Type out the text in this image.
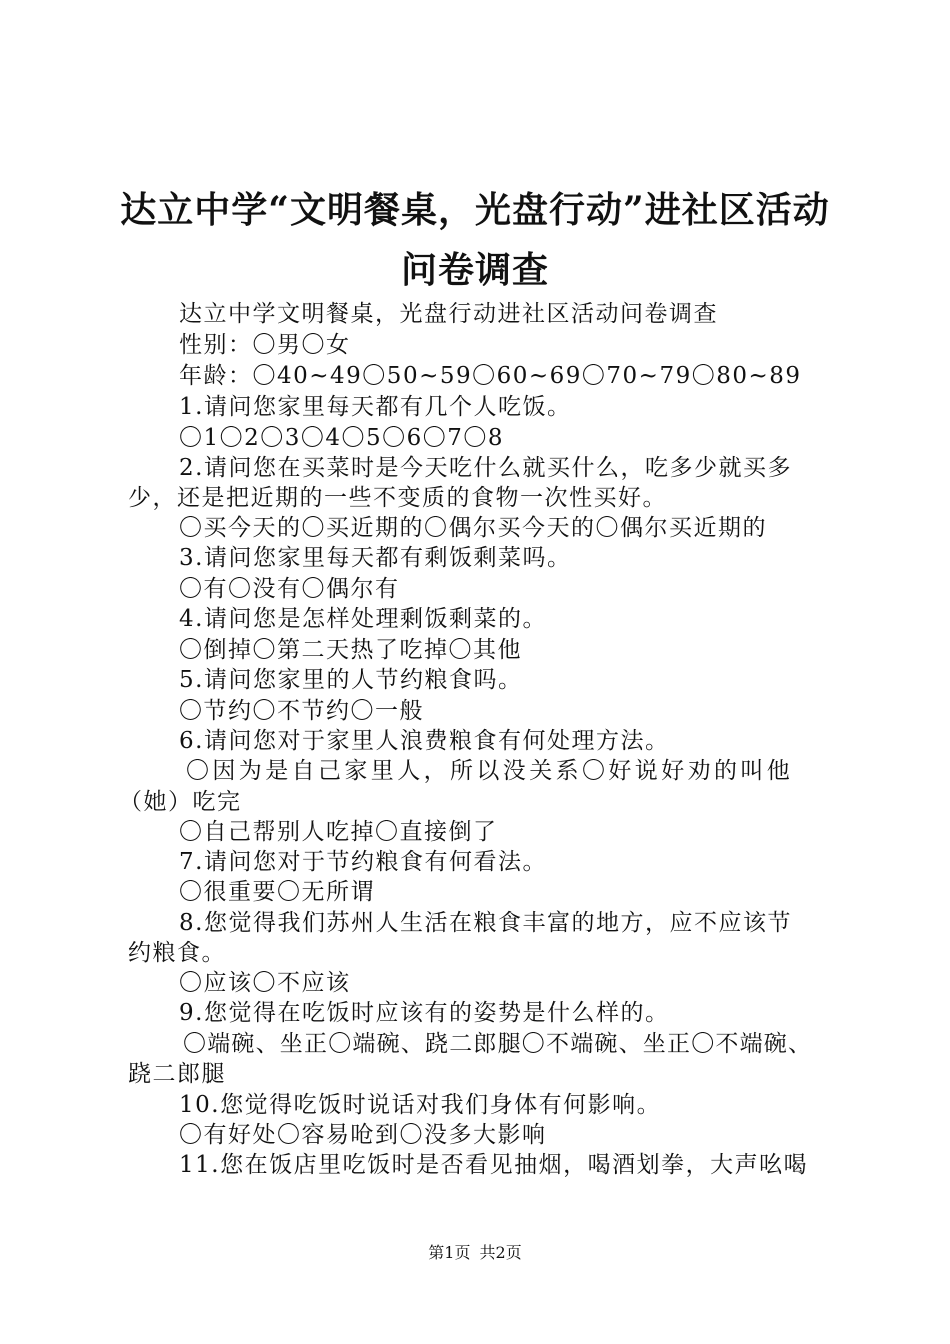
达立中学“文明餐桌，光盘行动”进社区活动
问卷调查
达立中学文明餐桌，光盘行动进社区活动问卷调查
性别：〇男〇女
年龄：〇40~49〇50~59〇60~69〇70~79〇80~89
1.请问您家里每天都有几个人吃饭。
〇1〇2〇3〇4〇5〇6〇7〇8
2.请问您在买菜时是今天吃什么就买什么，吃多少就买多
少，还是把近期的一些不变质的食物一次性买好。
〇买今天的〇买近期的〇偶尔买今天的〇偶尔买近期的
3.请问您家里每天都有剩饭剩菜吗。
〇有〇没有〇偶尔有
4.请问您是怎样处理剩饭剩菜的。
〇倒掉〇第二天热了吃掉〇其他
5.请问您家里的人节约粮食吗。
〇节约〇不节约〇一般
6.请问您对于家里人浪费粮食有何处理方法。
〇因为是自己家里人，所以没关系〇好说好劝的叫他
（她）吃完
〇自己帮别人吃掉〇直接倒了
7.请问您对于节约粮食有何看法。
〇很重要〇无所谓
8.您觉得我们苏州人生活在粮食丰富的地方，应不应该节
约粮食。
〇应该〇不应该
9.您觉得在吃饭时应该有的姿势是什么样的。
〇端碗、坐正〇端碗、跷二郎腿〇不端碗、坐正〇不端碗、
跷二郎腿
10.您觉得吃饭时说话对我们身体有何影响。
〇有好处〇容易呛到〇没多大影响
11.您在饭店里吃饭时是否看见抽烟，喝酒划拳，大声吆喝
第1页 共2页
